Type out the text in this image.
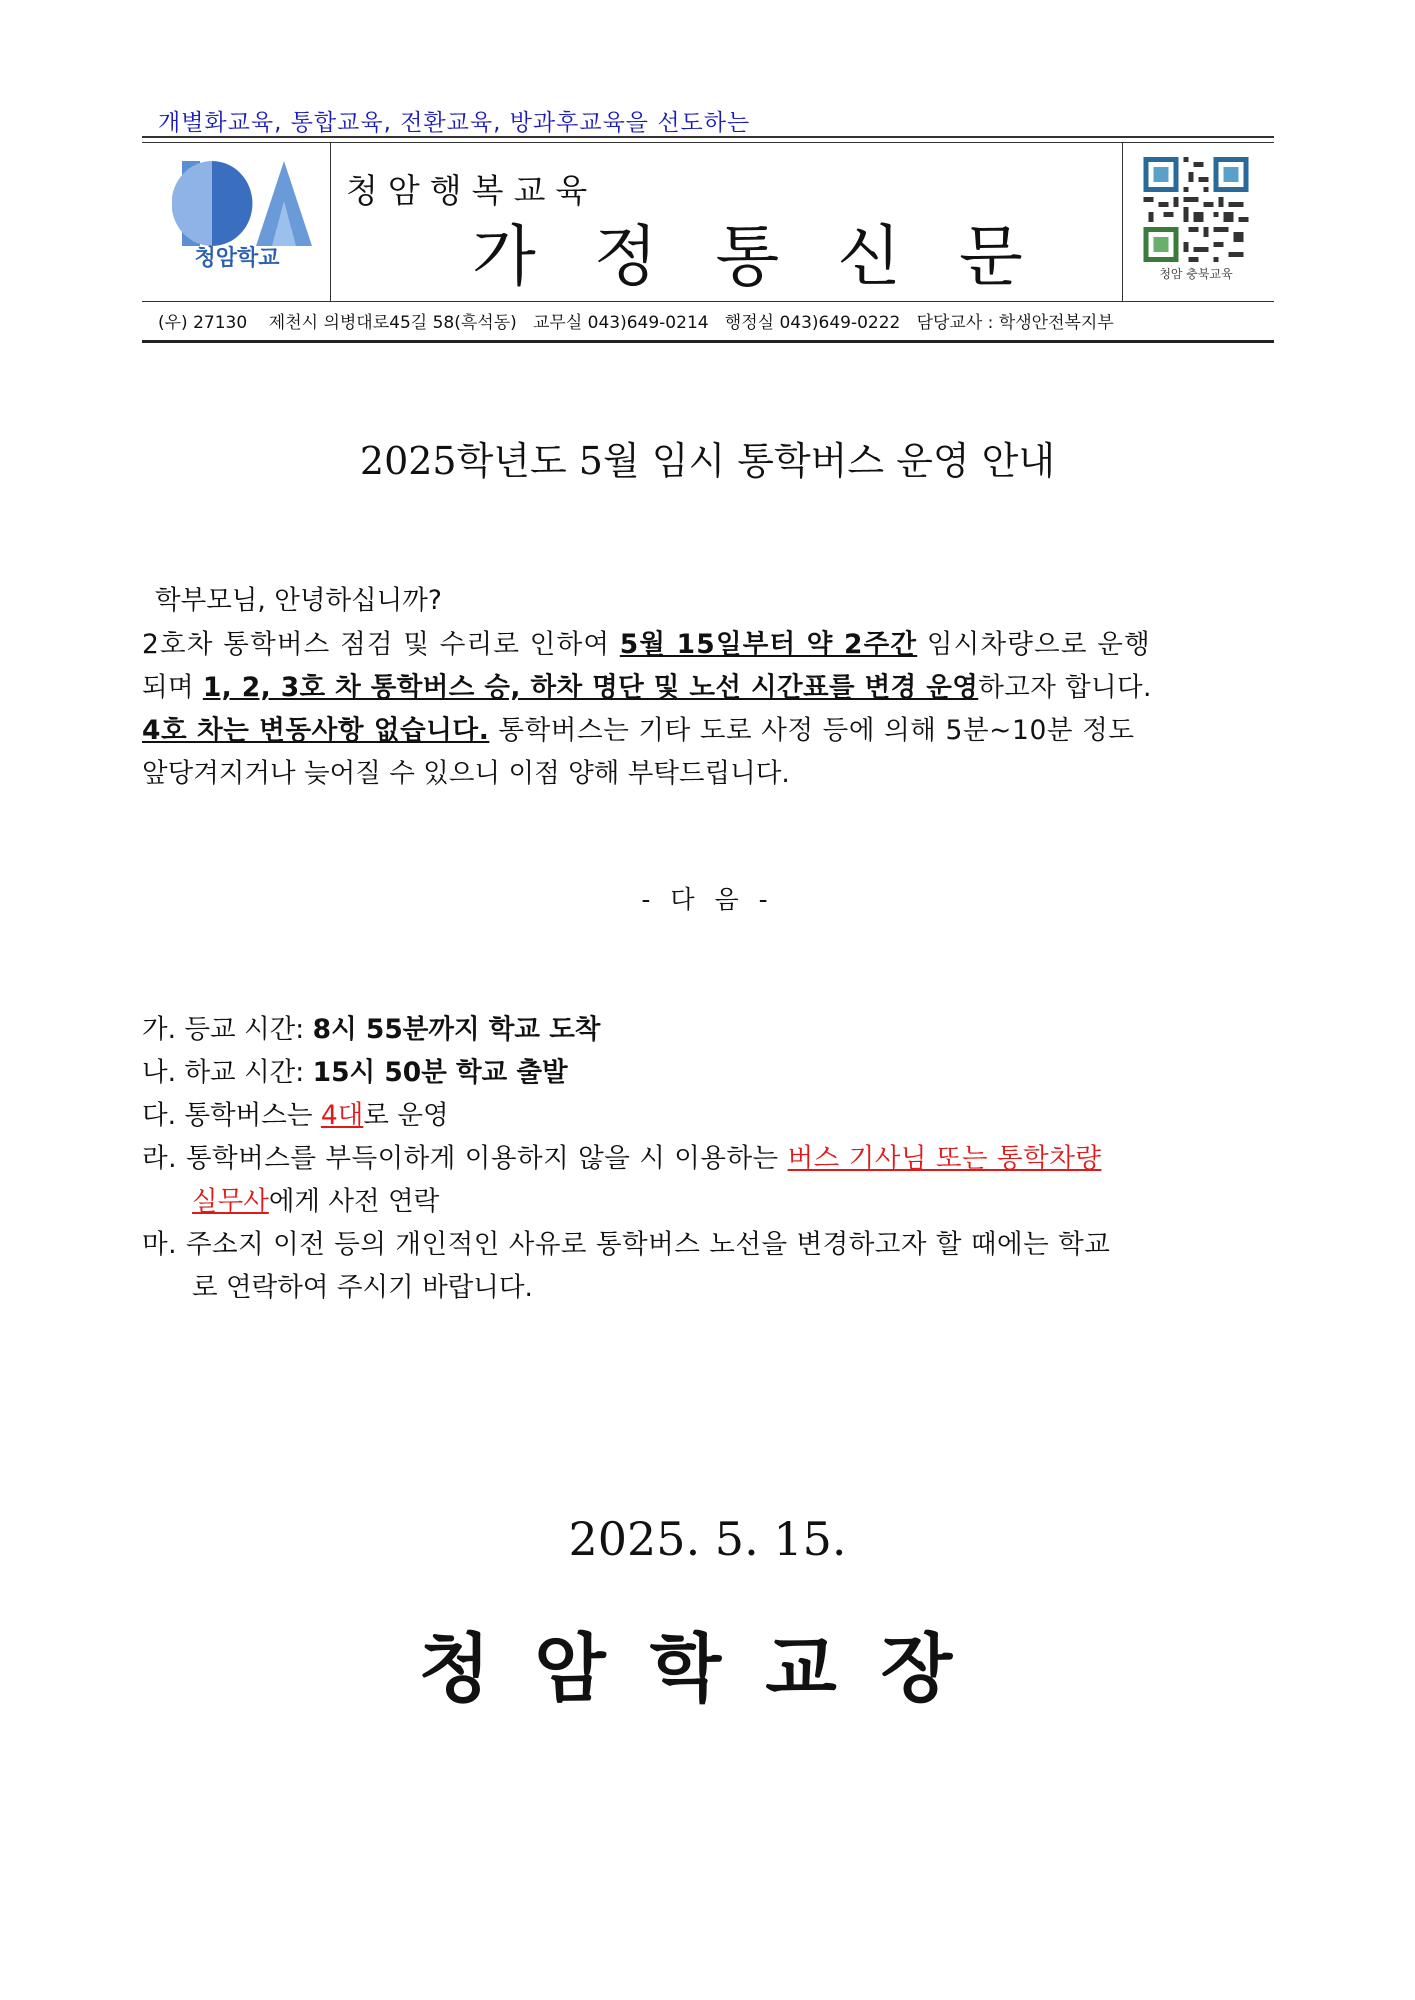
개별화교육, 통합교육, 전환교육, 방과후교육을 선도하는
청암학교
청암행복교육
가정통신문	청암 충북교육
(우) 27130    제천시 의병대로45길 58(흑석동)   교무실 043)649-0214   행정실 043)649-0222   담당교사 : 학생안전복지부
2025학년도 5월 임시 통학버스 운영 안내
학부모님, 안녕하십니까?
2호차 통학버스 점검 및 수리로 인하여 5월 15일부터 약 2주간 임시차량으로 운행
되며 1, 2, 3호 차 통학버스 승, 하차 명단 및 노선 시간표를 변경 운영하고자 합니다.
4호 차는 변동사항 없습니다. 통학버스는 기타 도로 사정 등에 의해 5분~10분 정도
앞당겨지거나 늦어질 수 있으니 이점 양해 부탁드립니다.
- 다 음 -
가. 등교 시간: 8시 55분까지 학교 도착
나. 하교 시간: 15시 50분 학교 출발
다. 통학버스는 4대로 운영
라. 통학버스를 부득이하게 이용하지 않을 시 이용하는 버스 기사님 또는 통학차량
실무사에게 사전 연락
마. 주소지 이전 등의 개인적인 사유로 통학버스 노선을 변경하고자 할 때에는 학교
로 연락하여 주시기 바랍니다.
2025. 5. 15.
청암학교장
